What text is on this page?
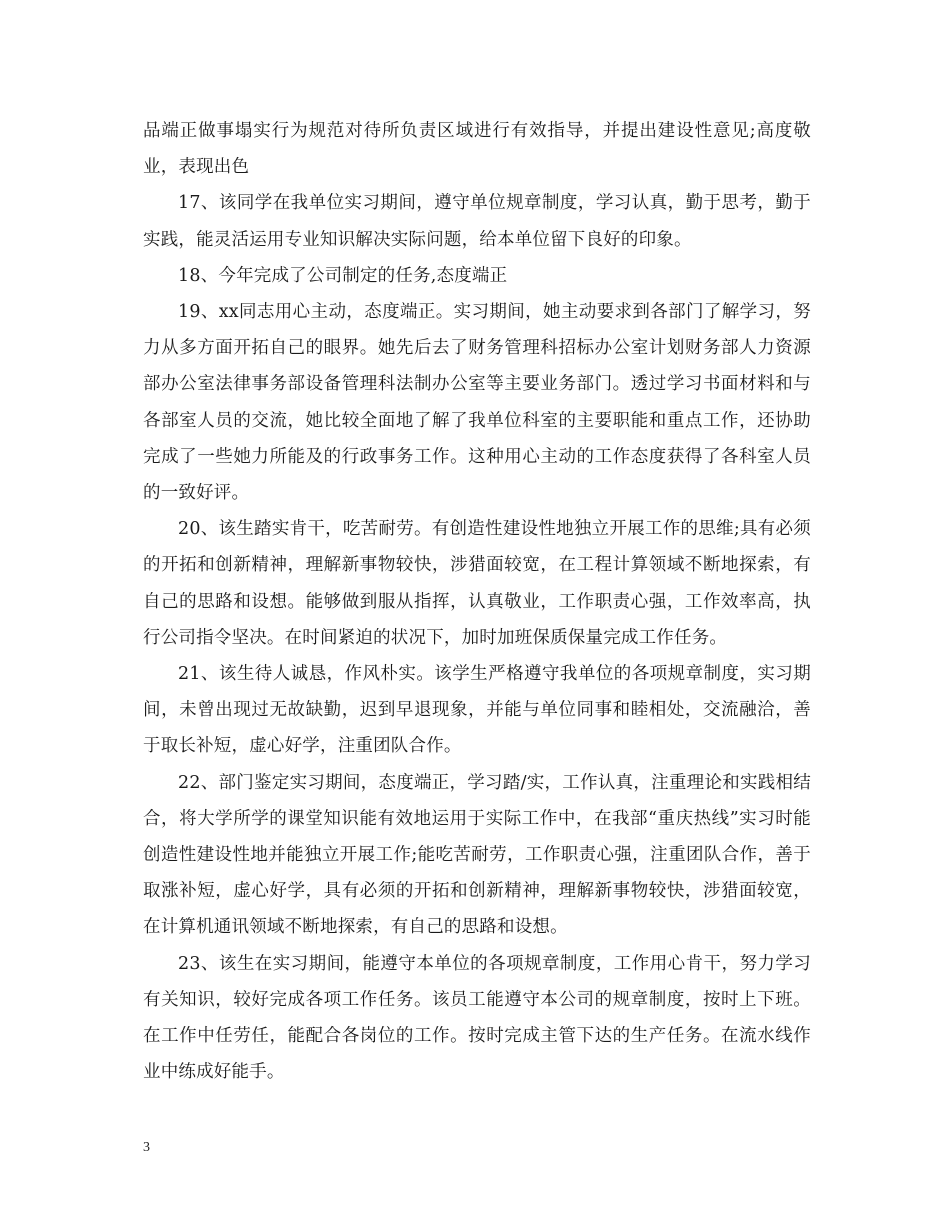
品端正做事塌实行为规范对待所负责区域进行有效指导，并提出建设性意见;高度敬业，表现出色

17、该同学在我单位实习期间，遵守单位规章制度，学习认真，勤于思考，勤于实践，能灵活运用专业知识解决实际问题，给本单位留下良好的印象。

18、今年完成了公司制定的任务,态度端正

19、xx同志用心主动，态度端正。实习期间，她主动要求到各部门了解学习，努力从多方面开拓自己的眼界。她先后去了财务管理科招标办公室计划财务部人力资源部办公室法律事务部设备管理科法制办公室等主要业务部门。透过学习书面材料和与各部室人员的交流，她比较全面地了解了我单位科室的主要职能和重点工作，还协助完成了一些她力所能及的行政事务工作。这种用心主动的工作态度获得了各科室人员的一致好评。

20、该生踏实肯干，吃苦耐劳。有创造性建设性地独立开展工作的思维;具有必须的开拓和创新精神，理解新事物较快，涉猎面较宽，在工程计算领域不断地探索，有自己的思路和设想。能够做到服从指挥，认真敬业，工作职责心强，工作效率高，执行公司指令坚决。在时间紧迫的状况下，加时加班保质保量完成工作任务。

21、该生待人诚恳，作风朴实。该学生严格遵守我单位的各项规章制度，实习期间，未曾出现过无故缺勤，迟到早退现象，并能与单位同事和睦相处，交流融洽，善于取长补短，虚心好学，注重团队合作。

22、部门鉴定实习期间，态度端正，学习踏/实，工作认真，注重理论和实践相结合，将大学所学的课堂知识能有效地运用于实际工作中，在我部“重庆热线”实习时能创造性建设性地并能独立开展工作;能吃苦耐劳，工作职责心强，注重团队合作，善于取涨补短，虚心好学，具有必须的开拓和创新精神，理解新事物较快，涉猎面较宽，在计算机通讯领域不断地探索，有自己的思路和设想。

23、该生在实习期间，能遵守本单位的各项规章制度，工作用心肯干，努力学习有关知识，较好完成各项工作任务。该员工能遵守本公司的规章制度，按时上下班。在工作中任劳任，能配合各岗位的工作。按时完成主管下达的生产任务。在流水线作业中练成好能手。

3
